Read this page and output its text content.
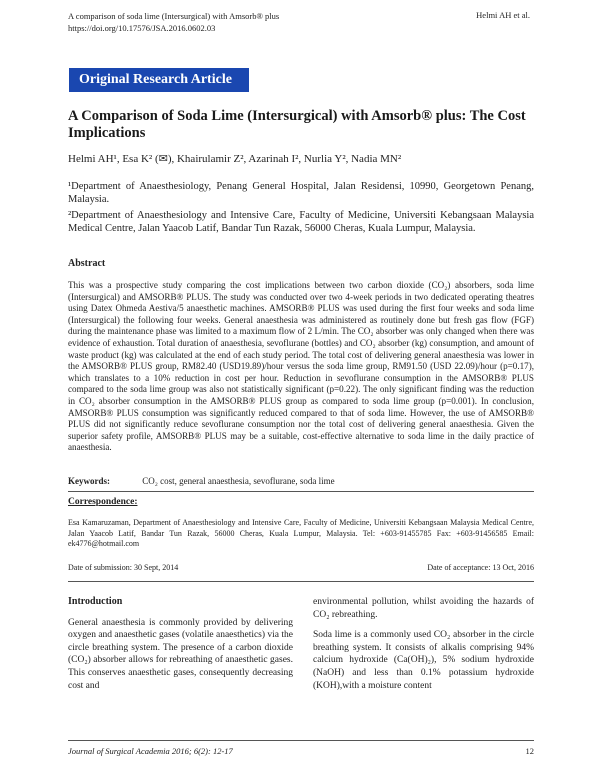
A comparison of soda lime (Intersurgical) with Amsorb® plus
https://doi.org/10.17576/JSA.2016.0602.03
Helmi AH et al.
Original Research Article
A Comparison of Soda Lime (Intersurgical) with Amsorb® plus: The Cost Implications
Helmi AH¹, Esa K² (✉), Khairulamir Z², Azarinah I², Nurlia Y², Nadia MN²

¹Department of Anaesthesiology, Penang General Hospital, Jalan Residensi, 10990, Georgetown Penang, Malaysia.

²Department of Anaesthesiology and Intensive Care, Faculty of Medicine, Universiti Kebangsaan Malaysia Medical Centre, Jalan Yaacob Latif, Bandar Tun Razak, 56000 Cheras, Kuala Lumpur, Malaysia.

Abstract
This was a prospective study comparing the cost implications between two carbon dioxide (CO₂) absorbers, soda lime (Intersurgical) and AMSORB® PLUS. The study was conducted over two 4-week periods in two dedicated operating theatres using Datex Ohmeda Aestiva/5 anaesthetic machines. AMSORB® PLUS was used during the first four weeks and soda lime (Intersurgical) the following four weeks. General anaesthesia was administered as routinely done but fresh gas flow (FGF) during the maintenance phase was limited to a maximum flow of 2 L/min. The CO₂ absorber was only changed when there was evidence of exhaustion. Total duration of anaesthesia, sevoflurane (bottles) and CO₂ absorber (kg) consumption, and amount of waste product (kg) was calculated at the end of each study period. The total cost of delivering general anaesthesia was lower in the AMSORB® PLUS group, RM82.40 (USD19.89)/hour versus the soda lime group, RM91.50 (USD 22.09)/hour (p=0.17), which translates to a 10% reduction in cost per hour. Reduction in sevoflurane consumption in the AMSORB® PLUS compared to the soda lime group was also not statistically significant (p=0.22). The only significant finding was the reduction in CO₂ absorber consumption in the AMSORB® PLUS group as compared to soda lime group (p=0.001). In conclusion, AMSORB® PLUS consumption was significantly reduced compared to that of soda lime. However, the use of AMSORB® PLUS did not significantly reduce sevoflurane consumption nor the total cost of delivering general anaesthesia. Given the superior safety profile, AMSORB® PLUS may be a suitable, cost-effective alternative to soda lime in the daily practice of anaesthesia.
Keywords:	CO₂ cost, general anaesthesia, sevoflurane, soda lime
Correspondence:
Esa Kamaruzaman, Department of Anaesthesiology and Intensive Care, Faculty of Medicine, Universiti Kebangsaan Malaysia Medical Centre, Jalan Yaacob Latif, Bandar Tun Razak, 56000 Cheras, Kuala Lumpur, Malaysia. Tel: +603-91455785 Fax: +603-91456585 Email: ek4776@hotmail.com
Date of submission: 30 Sept, 2014	Date of acceptance: 13 Oct, 2016
Introduction

General anaesthesia is commonly provided by delivering oxygen and anaesthetic gases (volatile anaesthetics) via the circle breathing system. The presence of a carbon dioxide (CO₂) absorber allows for rebreathing of anaesthetic gases. This conserves anaesthetic gases, consequently decreasing cost and

environmental pollution, whilst avoiding the hazards of CO₂ rebreathing.

Soda lime is a commonly used CO₂ absorber in the circle breathing system. It consists of alkalis comprising 94% calcium hydroxide (Ca(OH)₂), 5% sodium hydroxide (NaOH) and less than 0.1% potassium hydroxide (KOH),with a moisture content

Journal of Surgical Academia 2016; 6(2): 12-17	12
